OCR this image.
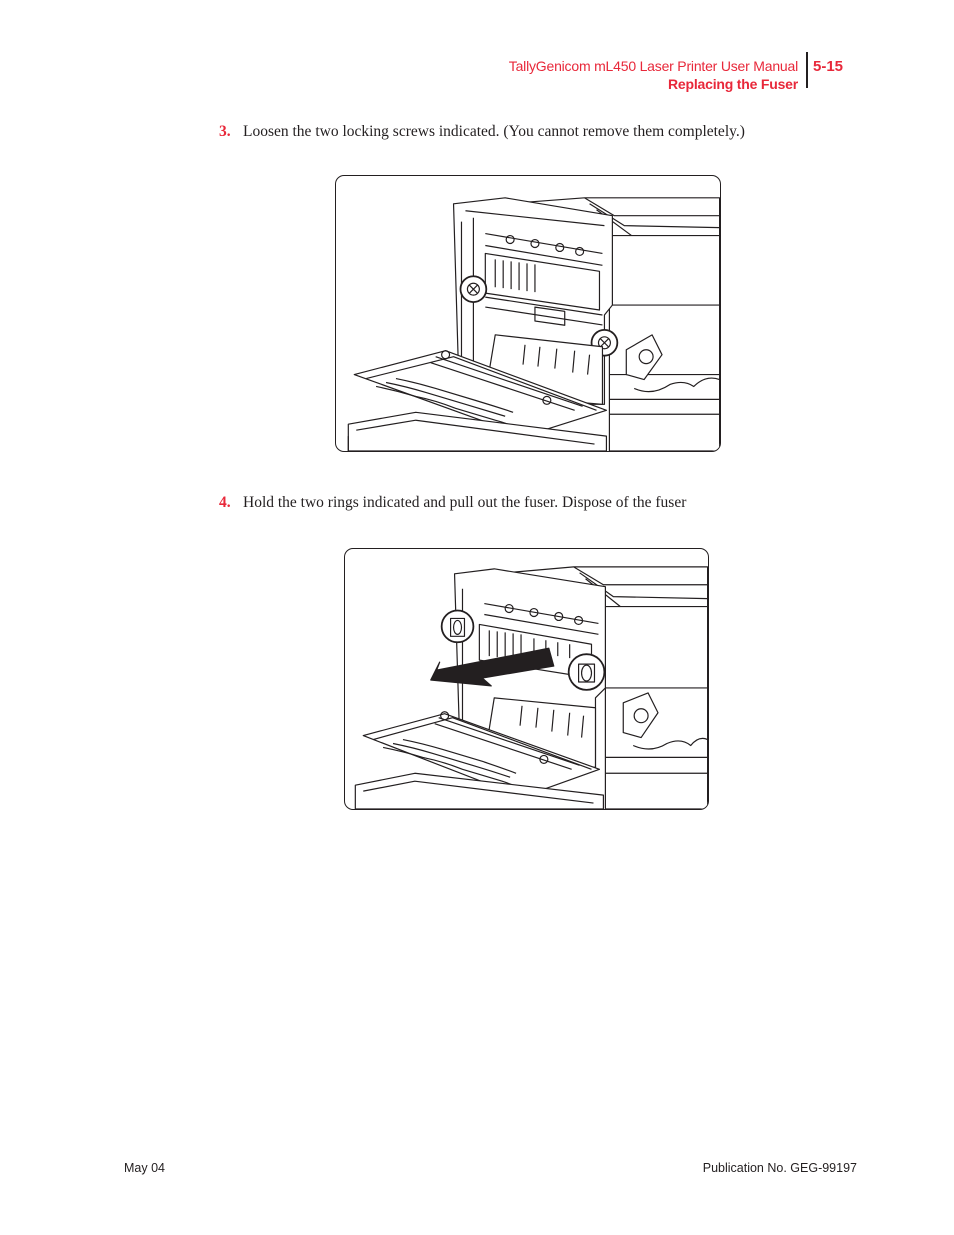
TallyGenicom mL450 Laser Printer User Manual

Replacing the Fuser

5-15

3. Loosen the two locking screws indicated. (You cannot remove them completely.)

4. Hold the two rings indicated and pull out the fuser. Dispose of the fuser

May 04	Publication No. GEG-99197
